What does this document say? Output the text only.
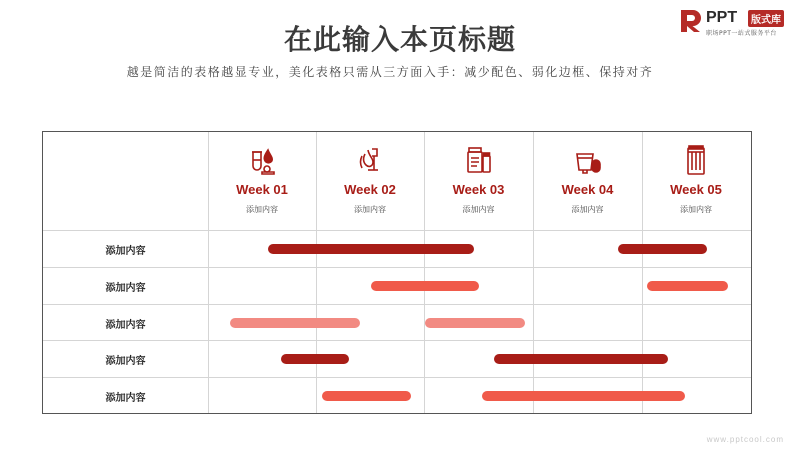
在此输入本页标题
越是简洁的表格越显专业，美化表格只需从三方面入手：减少配色、弱化边框、保持对齐
PPT	版式库
职场PPT一站式服务平台
Week 01
添加内容
Week 02
添加内容
Week 03
添加内容
Week 04
添加内容
Week 05
添加内容
添加内容
添加内容
添加内容
添加内容
添加内容
www.pptcool.com
